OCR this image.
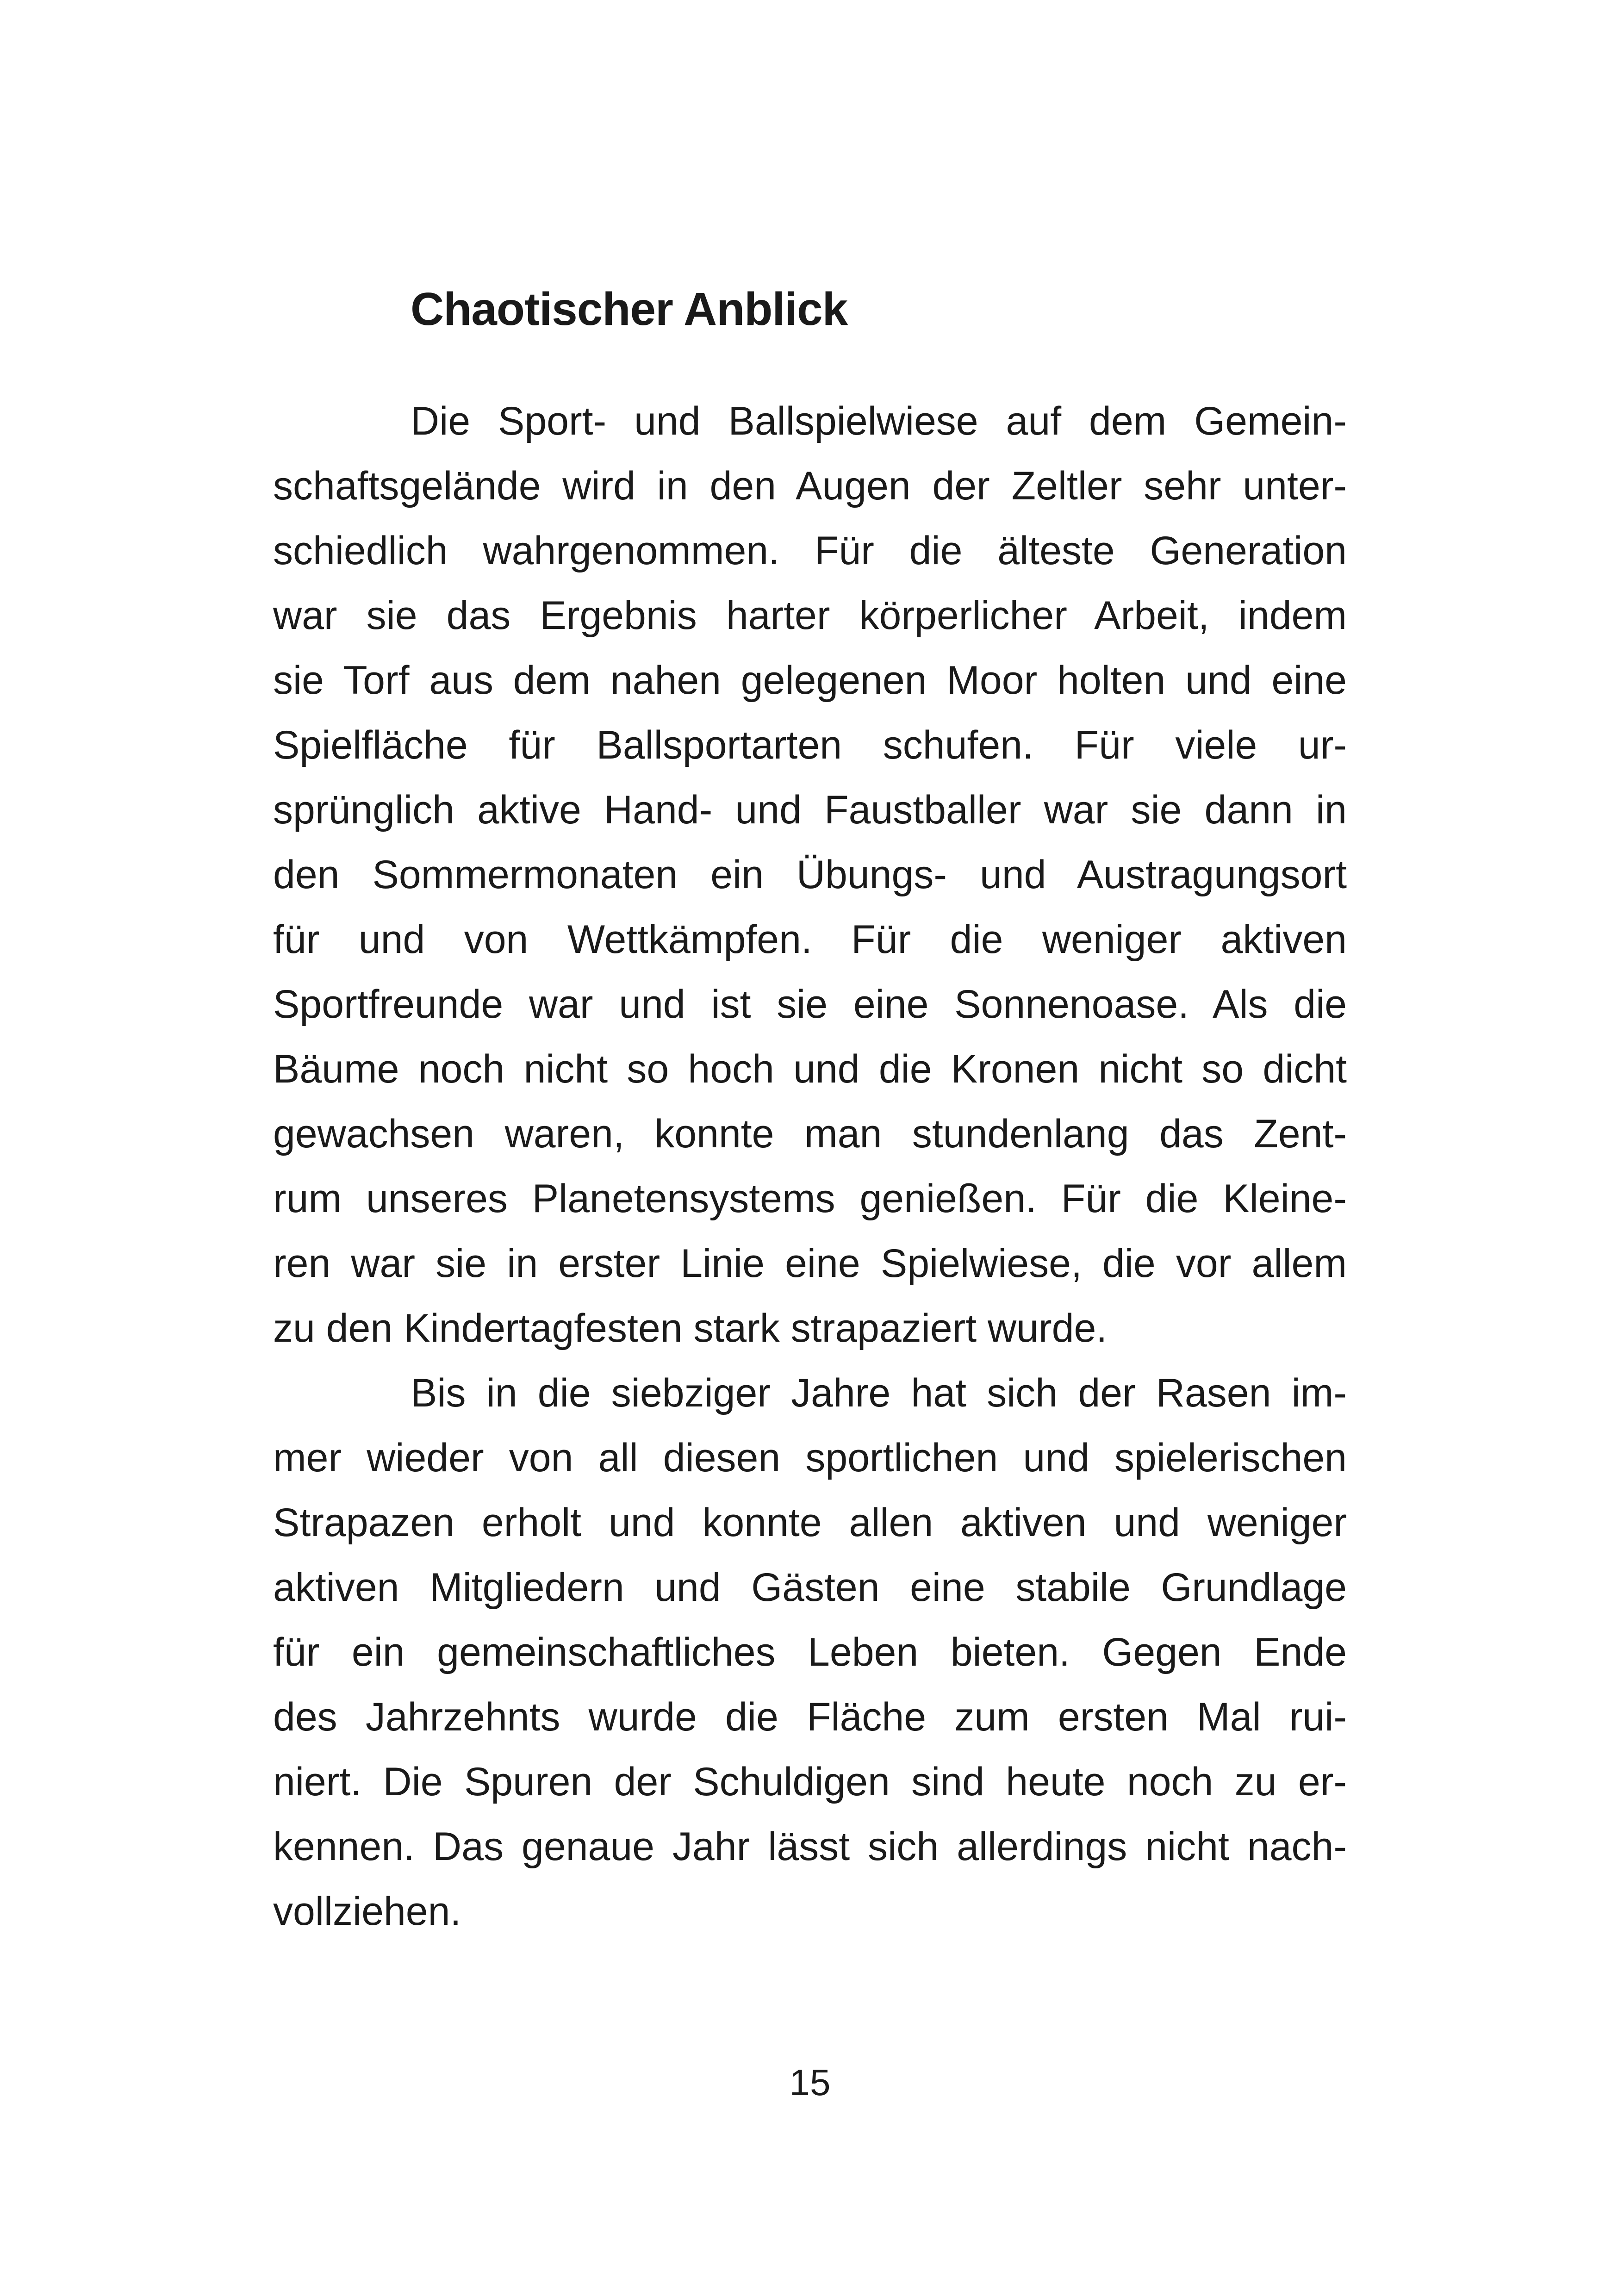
Chaotischer Anblick
Die Sport- und Ballspielwiese auf dem Gemein-
schaftsgelände wird in den Augen der Zeltler sehr unter-
schiedlich wahrgenommen. Für die älteste Generation
war sie das Ergebnis harter körperlicher Arbeit, indem
sie Torf aus dem nahen gelegenen Moor holten und eine
Spielfläche für Ballsportarten schufen. Für viele ur-
sprünglich aktive Hand- und Faustballer war sie dann in
den Sommermonaten ein Übungs- und Austragungsort
für und von Wettkämpfen. Für die weniger aktiven
Sportfreunde war und ist sie eine Sonnenoase. Als die
Bäume noch nicht so hoch und die Kronen nicht so dicht
gewachsen waren, konnte man stundenlang das Zent-
rum unseres Planetensystems genießen. Für die Kleine-
ren war sie in erster Linie eine Spielwiese, die vor allem
zu den Kindertagfesten stark strapaziert wurde.
Bis in die siebziger Jahre hat sich der Rasen im-
mer wieder von all diesen sportlichen und spielerischen
Strapazen erholt und konnte allen aktiven und weniger
aktiven Mitgliedern und Gästen eine stabile Grundlage
für ein gemeinschaftliches Leben bieten. Gegen Ende
des Jahrzehnts wurde die Fläche zum ersten Mal rui-
niert. Die Spuren der Schuldigen sind heute noch zu er-
kennen. Das genaue Jahr lässt sich allerdings nicht nach-
vollziehen.
15
